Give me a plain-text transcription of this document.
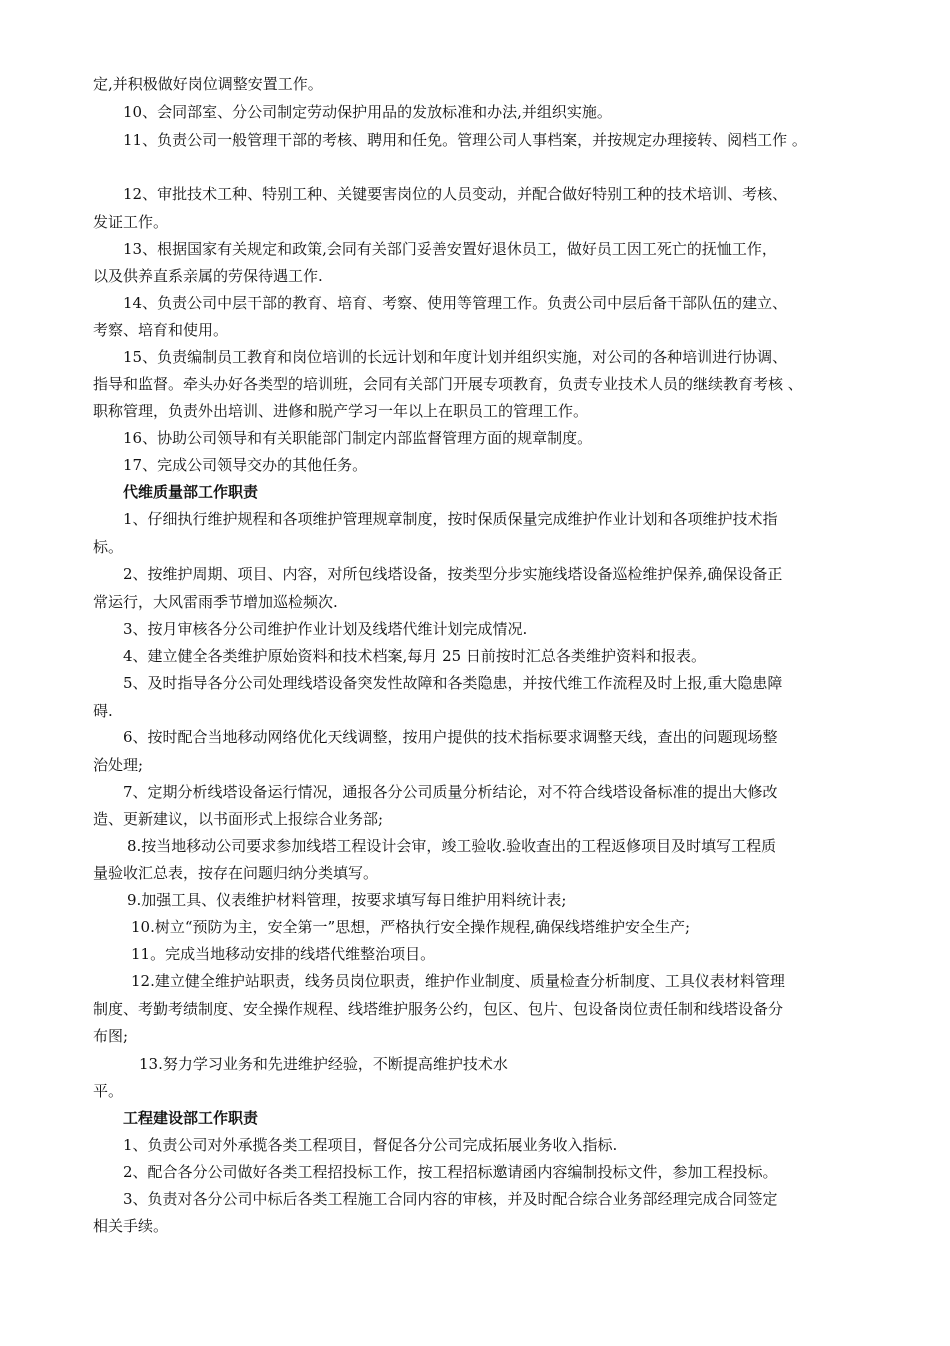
定,并积极做好岗位调整安置工作。
10、会同部室、分公司制定劳动保护用品的发放标准和办法,并组织实施。
11、负责公司一般管理干部的考核、聘用和任免。管理公司人事档案，并按规定办理接转、阅档工作 。
12、审批技术工种、特别工种、关键要害岗位的人员变动，并配合做好特别工种的技术培训、考核、
发证工作。
13、根据国家有关规定和政策,会同有关部门妥善安置好退休员工，做好员工因工死亡的抚恤工作，
以及供养直系亲属的劳保待遇工作.
14、负责公司中层干部的教育、培育、考察、使用等管理工作。负责公司中层后备干部队伍的建立、
考察、培育和使用。
15、负责编制员工教育和岗位培训的长远计划和年度计划并组织实施，对公司的各种培训进行协调、
指导和监督。牵头办好各类型的培训班，会同有关部门开展专项教育，负责专业技术人员的继续教育考核 、
职称管理，负责外出培训、进修和脱产学习一年以上在职员工的管理工作。
16、协助公司领导和有关职能部门制定内部监督管理方面的规章制度。
17、完成公司领导交办的其他任务。
代维质量部工作职责
1、仔细执行维护规程和各项维护管理规章制度，按时保质保量完成维护作业计划和各项维护技术指
标。
2、按维护周期、项目、内容，对所包线塔设备，按类型分步实施线塔设备巡检维护保养,确保设备正
常运行，大风雷雨季节增加巡检频次.
3、按月审核各分公司维护作业计划及线塔代维计划完成情况.
4、建立健全各类维护原始资料和技术档案,每月 25 日前按时汇总各类维护资料和报表。
5、及时指导各分公司处理线塔设备突发性故障和各类隐患，并按代维工作流程及时上报,重大隐患障
碍.
6、按时配合当地移动网络优化天线调整，按用户提供的技术指标要求调整天线，查出的问题现场整
治处理;
7、定期分析线塔设备运行情况，通报各分公司质量分析结论，对不符合线塔设备标准的提出大修改
造、更新建议，以书面形式上报综合业务部;
8.按当地移动公司要求参加线塔工程设计会审，竣工验收.验收查出的工程返修项目及时填写工程质
量验收汇总表，按存在问题归纳分类填写。
9.加强工具、仪表维护材料管理，按要求填写每日维护用料统计表;
10.树立“预防为主，安全第一”思想，严格执行安全操作规程,确保线塔维护安全生产;
11。完成当地移动安排的线塔代维整治项目。
12.建立健全维护站职责，线务员岗位职责，维护作业制度、质量检查分析制度、工具仪表材料管理
制度、考勤考绩制度、安全操作规程、线塔维护服务公约，包区、包片、包设备岗位责任制和线塔设备分
布图;
13.努力学习业务和先进维护经验，不断提高维护技术水
平。
工程建设部工作职责
1、负责公司对外承揽各类工程项目，督促各分公司完成拓展业务收入指标.
2、配合各分公司做好各类工程招投标工作，按工程招标邀请函内容编制投标文件，参加工程投标。
3、负责对各分公司中标后各类工程施工合同内容的审核，并及时配合综合业务部经理完成合同签定
相关手续。
